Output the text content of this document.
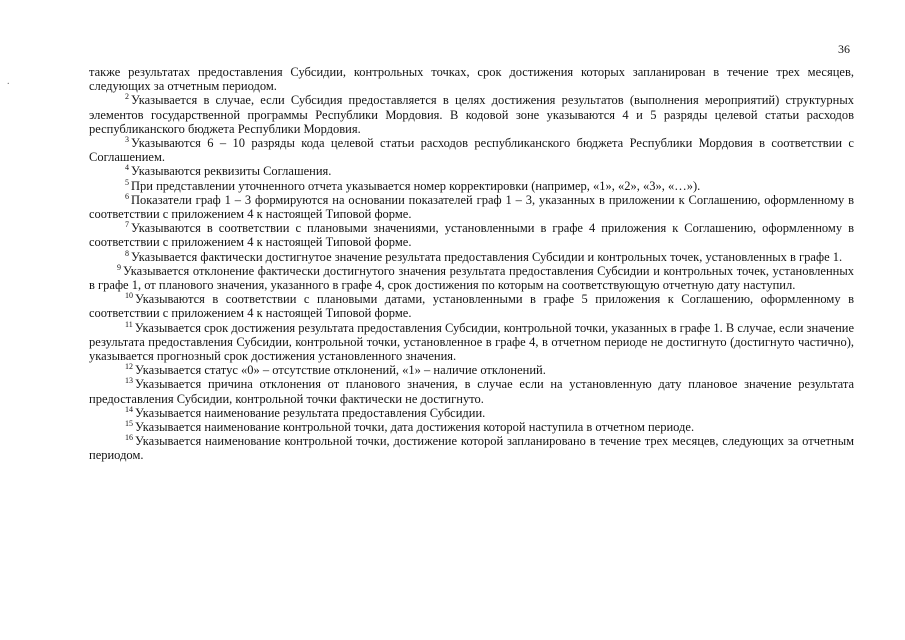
36
.

также результатах предоставления Субсидии, контрольных точках, срок достижения которых запланирован в течение трех месяцев, следующих за отчетным периодом.

$^2$ Указывается в случае, если Субсидия предоставляется в целях достижения результатов (выполнения мероприятий) структурных элементов государственной программы Республики Мордовия. В кодовой зоне указываются 4 и 5 разряды целевой статьи расходов республиканского бюджета Республики Мордовия.

$^3$ Указываются 6 – 10 разряды кода целевой статьи расходов республиканского бюджета Республики Мордовия в соответствии с Соглашением.

$^4$ Указываются реквизиты Соглашения.

$^5$ При представлении уточненного отчета указывается номер корректировки (например, «1», «2», «3», «…»).

$^6$ Показатели граф 1 – 3 формируются на основании показателей граф 1 – 3, указанных в приложении к Соглашению, оформленному в соответствии с приложением 4 к настоящей Типовой форме.

$^7$ Указываются в соответствии с плановыми значениями, установленными в графе 4 приложения к Соглашению, оформленному в соответствии с приложением 4 к настоящей Типовой форме.

$^8$ Указывается фактически достигнутое значение результата предоставления Субсидии и контрольных точек, установленных в графе 1.

$^9$ Указывается отклонение фактически достигнутого значения результата предоставления Субсидии и контрольных точек, установленных в графе 1, от планового значения, указанного в графе 4, срок достижения по которым на соответствующую отчетную дату наступил.

$^{10}$ Указываются в соответствии с плановыми датами, установленными в графе 5 приложения к Соглашению, оформленному в соответствии с приложением 4 к настоящей Типовой форме.

$^{11}$ Указывается срок достижения результата предоставления Субсидии, контрольной точки, указанных в графе 1. В случае, если значение результата предоставления Субсидии, контрольной точки, установленное в графе 4, в отчетном периоде не достигнуто (достигнуто частично), указывается прогнозный срок достижения установленного значения.

$^{12}$ Указывается статус «0» – отсутствие отклонений, «1» – наличие отклонений.

$^{13}$ Указывается причина отклонения от планового значения, в случае если на установленную дату плановое значение результата предоставления Субсидии, контрольной точки фактически не достигнуто.

$^{14}$ Указывается наименование результата предоставления Субсидии.

$^{15}$ Указывается наименование контрольной точки, дата достижения которой наступила в отчетном периоде.

$^{16}$ Указывается наименование контрольной точки, достижение которой запланировано в течение трех месяцев, следующих за отчетным периодом.
